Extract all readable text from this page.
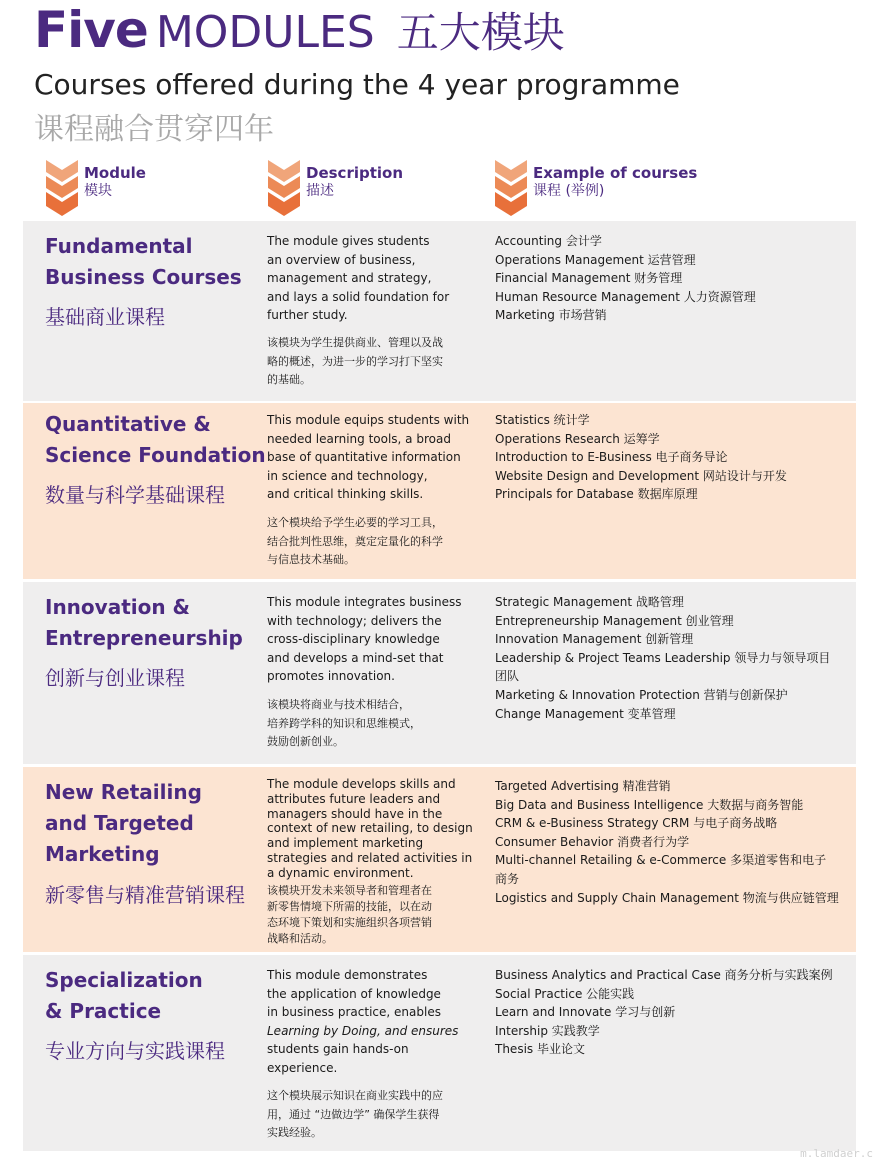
Five MODULES 五大模块
Courses offered during the 4 year programme
课程融合贯穿四年
Module
模块
Description
描述
Example of courses
课程 (举例)
Fundamental
Business Courses
基础商业课程
The module gives students
an overview of business,
management and strategy,
and lays a solid foundation for
further study.
该模块为学生提供商业、管理以及战
略的概述，为进一步的学习打下坚实
的基础。
Accounting 会计学
Operations Management 运营管理
Financial Management 财务管理
Human Resource Management 人力资源管理
Marketing 市场营销
Quantitative &
Science Foundation
数量与科学基础课程
This module equips students with
needed learning tools, a broad
base of quantitative information
in science and technology,
and critical thinking skills.
这个模块给予学生必要的学习工具，
结合批判性思维，奠定定量化的科学
与信息技术基础。
Statistics 统计学
Operations Research 运筹学
Introduction to E-Business 电子商务导论
Website Design and Development 网站设计与开发
Principals for Database 数据库原理
Innovation &
Entrepreneurship
创新与创业课程
This module integrates business
with technology; delivers the
cross-disciplinary knowledge
and develops a mind-set that
promotes innovation.
该模块将商业与技术相结合，
培养跨学科的知识和思维模式，
鼓励创新创业。
Strategic Management 战略管理
Entrepreneurship Management 创业管理
Innovation Management 创新管理
Leadership & Project Teams Leadership 领导力与领导项目
团队
Marketing & Innovation Protection 营销与创新保护
Change Management 变革管理
New Retailing
and Targeted
Marketing
新零售与精准营销课程
The module develops skills and
attributes future leaders and
managers should have in the
context of new retailing, to design
and implement marketing
strategies and related activities in
a dynamic environment.
该模块开发未来领导者和管理者在
新零售情境下所需的技能，以在动
态环境下策划和实施组织各项营销
战略和活动。
Targeted Advertising 精准营销
Big Data and Business Intelligence 大数据与商务智能
CRM & e-Business Strategy CRM 与电子商务战略
Consumer Behavior 消费者行为学
Multi-channel Retailing & e-Commerce 多渠道零售和电子
商务
Logistics and Supply Chain Management 物流与供应链管理
Specialization
& Practice
专业方向与实践课程
This module demonstrates
the application of knowledge
in business practice, enables
Learning by Doing, and ensures
students gain hands-on
experience.
这个模块展示知识在商业实践中的应
用，通过 “边做边学” 确保学生获得
实践经验。
Business Analytics and Practical Case 商务分析与实践案例
Social Practice 公能实践
Learn and Innovate 学习与创新
Intership 实践教学
Thesis 毕业论文
m.lamdaer.c
